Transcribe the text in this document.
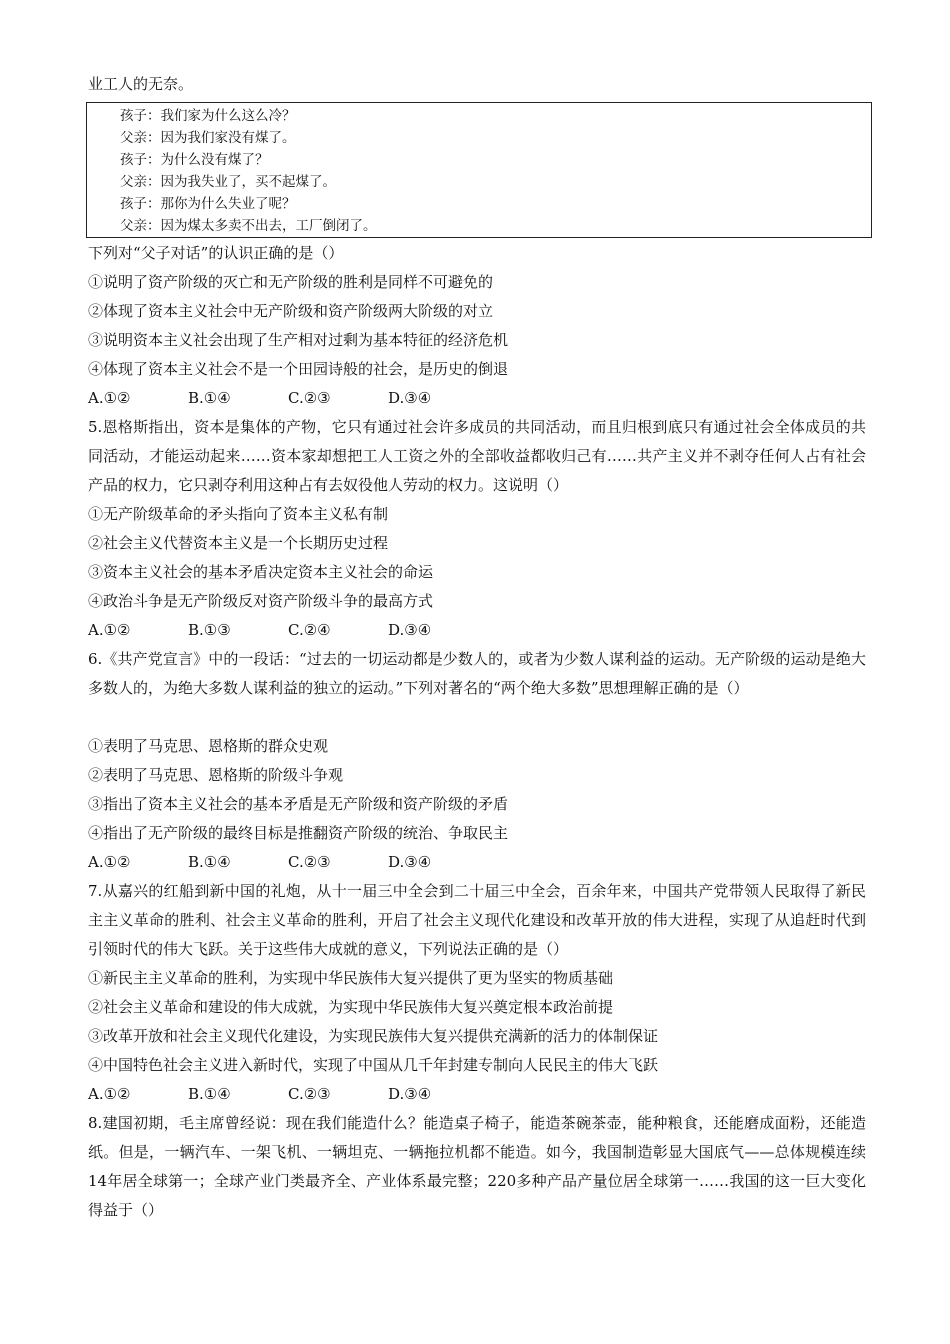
业工人的无奈。
孩子：我们家为什么这么冷？
父亲：因为我们家没有煤了。
孩子：为什么没有煤了？
父亲：因为我失业了，买不起煤了。
孩子：那你为什么失业了呢？
父亲：因为煤太多卖不出去，工厂倒闭了。
下列对“父子对话”的认识正确的是（）
①说明了资产阶级的灭亡和无产阶级的胜利是同样不可避免的
②体现了资本主义社会中无产阶级和资产阶级两大阶级的对立
③说明资本主义社会出现了生产相对过剩为基本特征的经济危机
④体现了资本主义社会不是一个田园诗般的社会，是历史的倒退
A.①②	B.①④	C.②③	D.③④
5.恩格斯指出，资本是集体的产物，它只有通过社会许多成员的共同活动，而且归根到底只有通过社会全体成员的共同活动，才能运动起来……资本家却想把工人工资之外的全部收益都收归己有……共产主义并不剥夺任何人占有社会产品的权力，它只剥夺利用这种占有去奴役他人劳动的权力。这说明（）
①无产阶级革命的矛头指向了资本主义私有制
②社会主义代替资本主义是一个长期历史过程
③资本主义社会的基本矛盾决定资本主义社会的命运
④政治斗争是无产阶级反对资产阶级斗争的最高方式
A.①②	B.①③	C.②④	D.③④
6.《共产党宣言》中的一段话：“过去的一切运动都是少数人的，或者为少数人谋利益的运动。无产阶级的运动是绝大多数人的，为绝大多数人谋利益的独立的运动。”下列对著名的“两个绝大多数”思想理解正确的是（）
①表明了马克思、恩格斯的群众史观
②表明了马克思、恩格斯的阶级斗争观
③指出了资本主义社会的基本矛盾是无产阶级和资产阶级的矛盾
④指出了无产阶级的最终目标是推翻资产阶级的统治、争取民主
A.①②	B.①④	C.②③	D.③④
7.从嘉兴的红船到新中国的礼炮，从十一届三中全会到二十届三中全会，百余年来，中国共产党带领人民取得了新民主主义革命的胜利、社会主义革命的胜利，开启了社会主义现代化建设和改革开放的伟大进程，实现了从追赶时代到引领时代的伟大飞跃。关于这些伟大成就的意义，下列说法正确的是（）
①新民主主义革命的胜利，为实现中华民族伟大复兴提供了更为坚实的物质基础
②社会主义革命和建设的伟大成就，为实现中华民族伟大复兴奠定根本政治前提
③改革开放和社会主义现代化建设，为实现民族伟大复兴提供充满新的活力的体制保证
④中国特色社会主义进入新时代，实现了中国从几千年封建专制向人民民主的伟大飞跃
A.①②	B.①④	C.②③	D.③④
8.建国初期，毛主席曾经说：现在我们能造什么？能造桌子椅子，能造茶碗茶壶，能种粮食，还能磨成面粉，还能造纸。但是，一辆汽车、一架飞机、一辆坦克、一辆拖拉机都不能造。如今，我国制造彰显大国底气——总体规模连续14年居全球第一；全球产业门类最齐全、产业体系最完整；220多种产品产量位居全球第一……我国的这一巨大变化得益于（）
